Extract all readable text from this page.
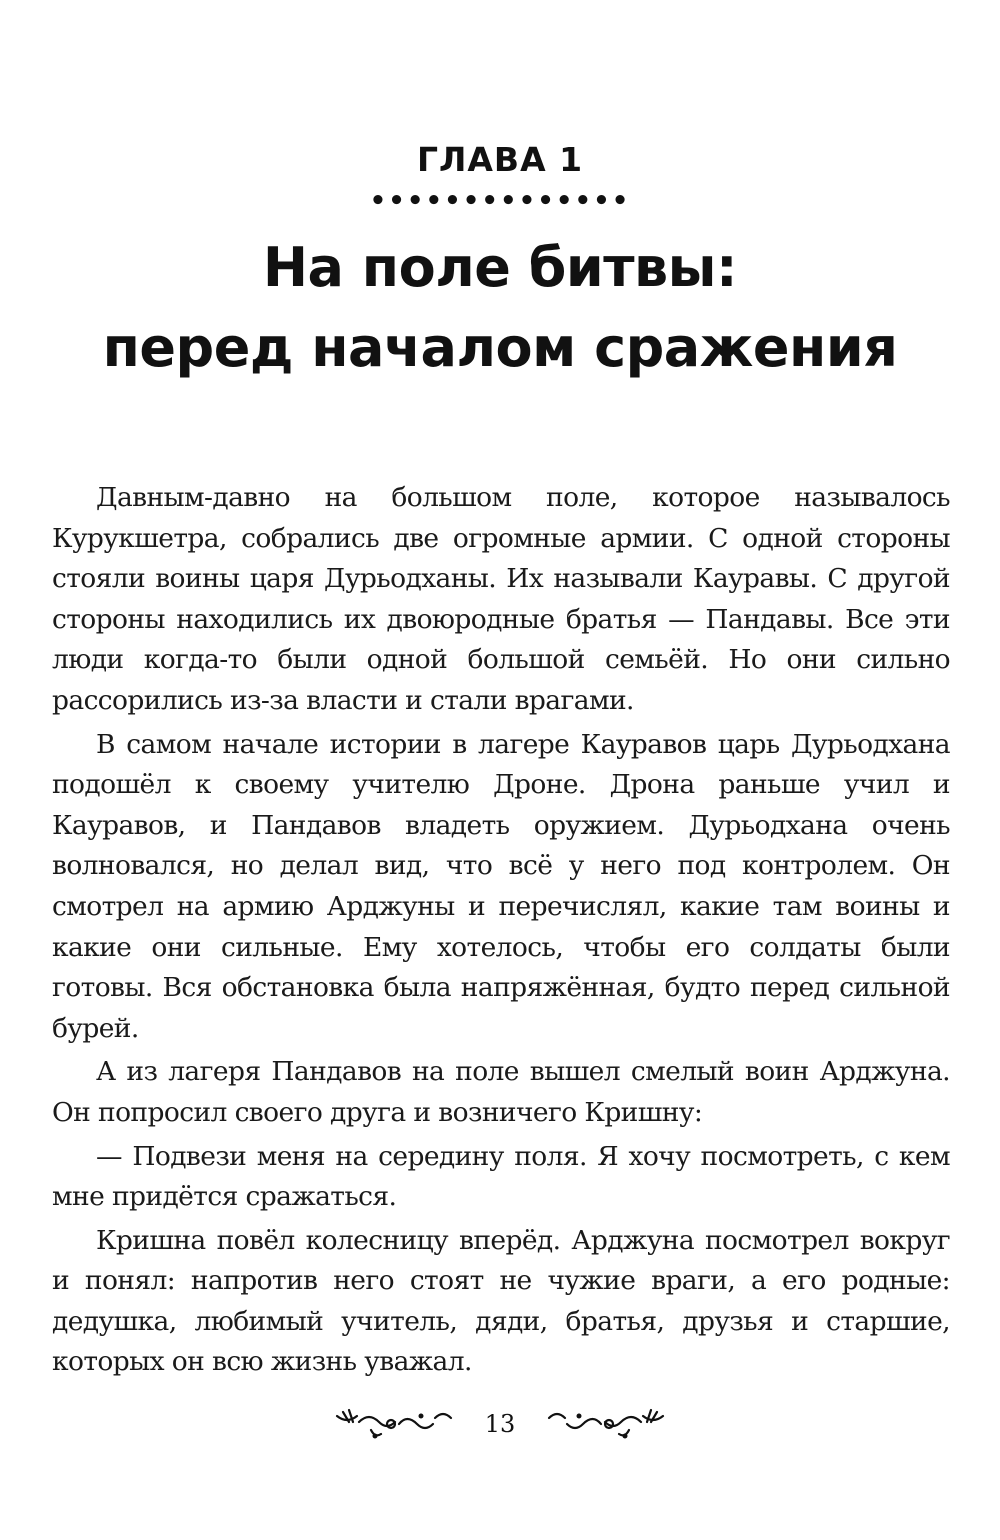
ГЛАВА 1
••••••••••••••
На поле битвы:
перед началом сражения

Давным-давно на большом поле, которое называлось Курукшетра, собрались две огромные армии. С одной стороны стояли воины царя Дурьодханы. Их называли Кауравы. С другой стороны находились их двоюродные братья — Пандавы. Все эти люди когда-то были одной большой семьёй. Но они сильно рассорились из-за власти и стали врагами.

В самом начале истории в лагере Кауравов царь Дурьодхана подошёл к своему учителю Дроне. Дрона раньше учил и Кауравов, и Пандавов владеть оружием. Дурьодхана очень волновался, но делал вид, что всё у него под контролем. Он смотрел на армию Арджуны и перечислял, какие там воины и какие они сильные. Ему хотелось, чтобы его солдаты были готовы. Вся обстановка была напряжённая, будто перед сильной бурей.

А из лагеря Пандавов на поле вышел смелый воин Арджуна. Он попросил своего друга и возничего Кришну:

— Подвези меня на середину поля. Я хочу посмотреть, с кем мне придётся сражаться.

Кришна повёл колесницу вперёд. Арджуна посмотрел вокруг и понял: напротив него стоят не чужие враги, а его родные: дедушка, любимый учитель, дяди, братья, друзья и старшие, которых он всю жизнь уважал.

13
